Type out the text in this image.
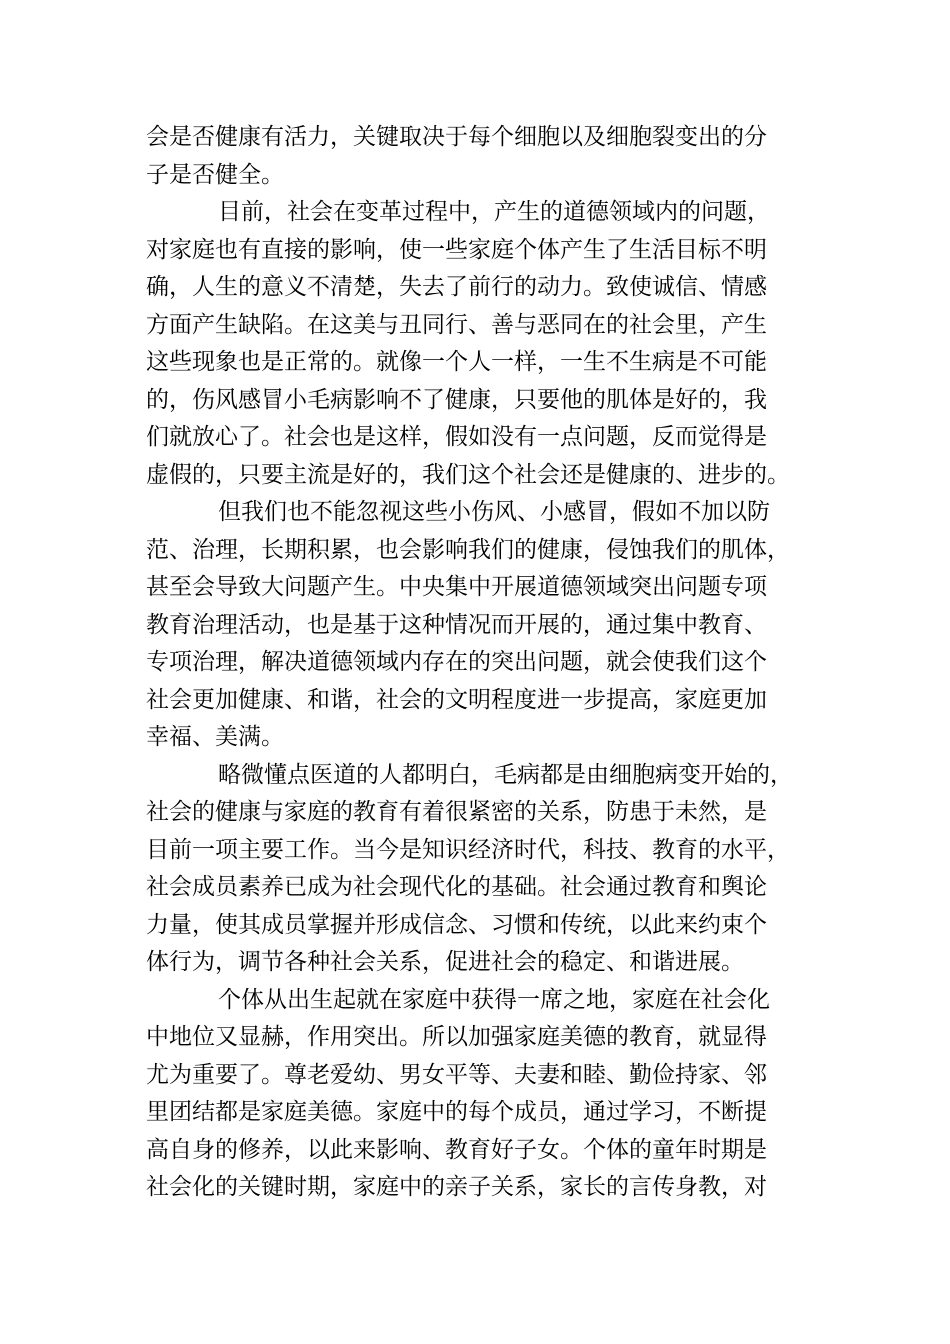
会是否健康有活力，关键取决于每个细胞以及细胞裂变出的分
子是否健全。
目前，社会在变革过程中，产生的道德领域内的问题，
对家庭也有直接的影响，使一些家庭个体产生了生活目标不明
确，人生的意义不清楚，失去了前行的动力。致使诚信、情感
方面产生缺陷。在这美与丑同行、善与恶同在的社会里，产生
这些现象也是正常的。就像一个人一样，一生不生病是不可能
的，伤风感冒小毛病影响不了健康，只要他的肌体是好的，我
们就放心了。社会也是这样，假如没有一点问题，反而觉得是
虚假的，只要主流是好的，我们这个社会还是健康的、进步的。
但我们也不能忽视这些小伤风、小感冒，假如不加以防
范、治理，长期积累，也会影响我们的健康，侵蚀我们的肌体，
甚至会导致大问题产生。中央集中开展道德领域突出问题专项
教育治理活动，也是基于这种情况而开展的，通过集中教育、
专项治理，解决道德领域内存在的突出问题，就会使我们这个
社会更加健康、和谐，社会的文明程度进一步提高，家庭更加
幸福、美满。
略微懂点医道的人都明白，毛病都是由细胞病变开始的，
社会的健康与家庭的教育有着很紧密的关系，防患于未然，是
目前一项主要工作。当今是知识经济时代，科技、教育的水平，
社会成员素养已成为社会现代化的基础。社会通过教育和舆论
力量，使其成员掌握并形成信念、习惯和传统，以此来约束个
体行为，调节各种社会关系，促进社会的稳定、和谐进展。
个体从出生起就在家庭中获得一席之地，家庭在社会化
中地位又显赫，作用突出。所以加强家庭美德的教育，就显得
尤为重要了。尊老爱幼、男女平等、夫妻和睦、勤俭持家、邻
里团结都是家庭美德。家庭中的每个成员，通过学习，不断提
高自身的修养，以此来影响、教育好子女。个体的童年时期是
社会化的关键时期，家庭中的亲子关系，家长的言传身教，对
